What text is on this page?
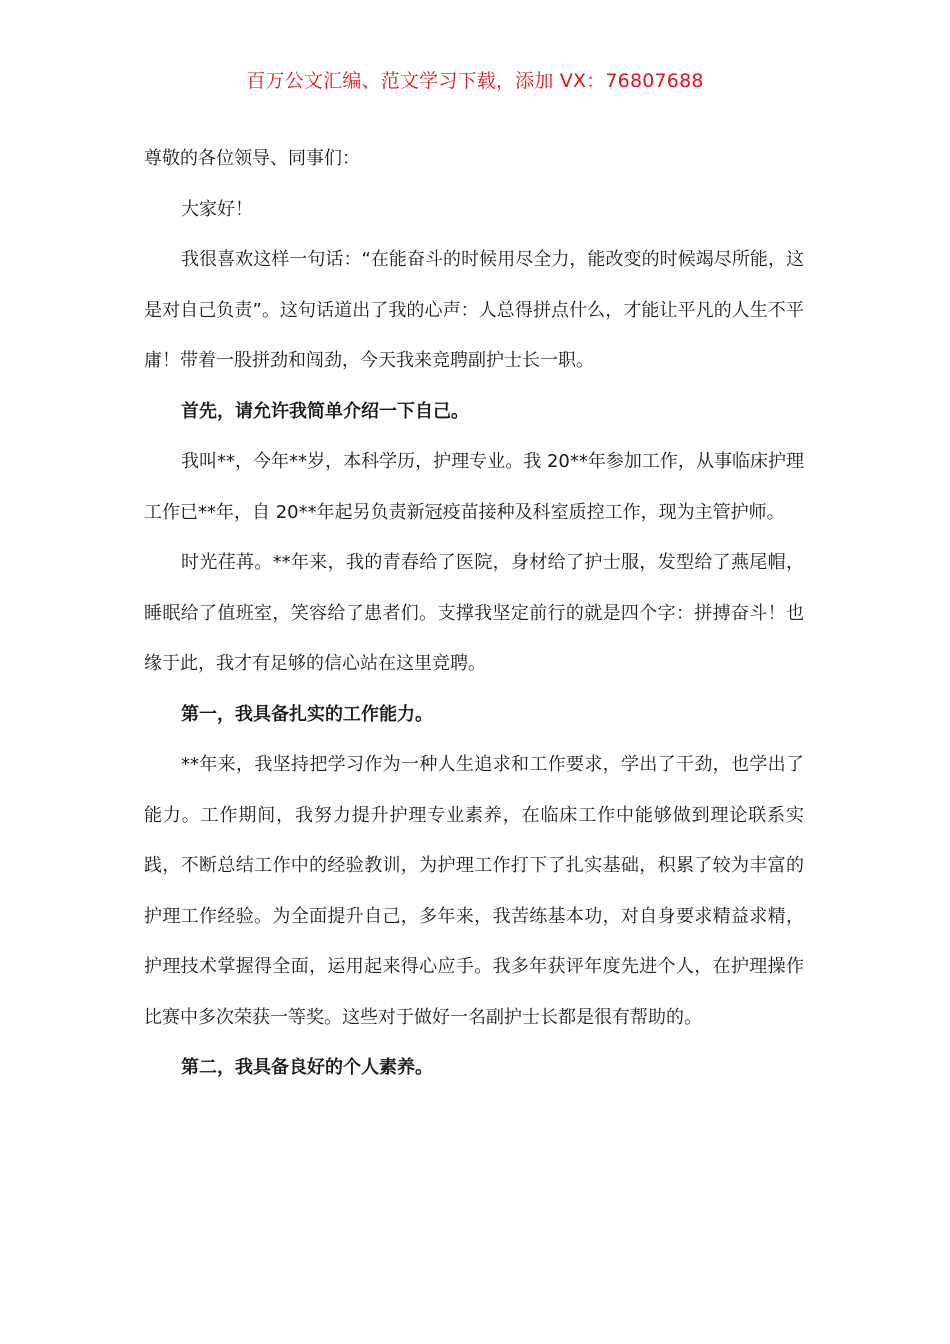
百万公文汇编、范文学习下载，添加 VX：76807688

尊敬的各位领导、同事们：

大家好！

我很喜欢这样一句话：“在能奋斗的时候用尽全力，能改变的时候竭尽所能，这是对自己负责”。这句话道出了我的心声：人总得拼点什么，才能让平凡的人生不平庸！带着一股拼劲和闯劲，今天我来竞聘副护士长一职。

首先，请允许我简单介绍一下自己。

我叫**，今年**岁，本科学历，护理专业。我 20**年参加工作，从事临床护理工作已**年，自 20**年起另负责新冠疫苗接种及科室质控工作，现为主管护师。

时光荏苒。**年来，我的青春给了医院，身材给了护士服，发型给了燕尾帽，睡眠给了值班室，笑容给了患者们。支撑我坚定前行的就是四个字：拼搏奋斗！也缘于此，我才有足够的信心站在这里竞聘。

第一，我具备扎实的工作能力。

**年来，我坚持把学习作为一种人生追求和工作要求，学出了干劲，也学出了能力。工作期间，我努力提升护理专业素养，在临床工作中能够做到理论联系实践，不断总结工作中的经验教训，为护理工作打下了扎实基础，积累了较为丰富的护理工作经验。为全面提升自己，多年来，我苦练基本功，对自身要求精益求精，护理技术掌握得全面，运用起来得心应手。我多年获评年度先进个人，在护理操作比赛中多次荣获一等奖。这些对于做好一名副护士长都是很有帮助的。

第二，我具备良好的个人素养。
